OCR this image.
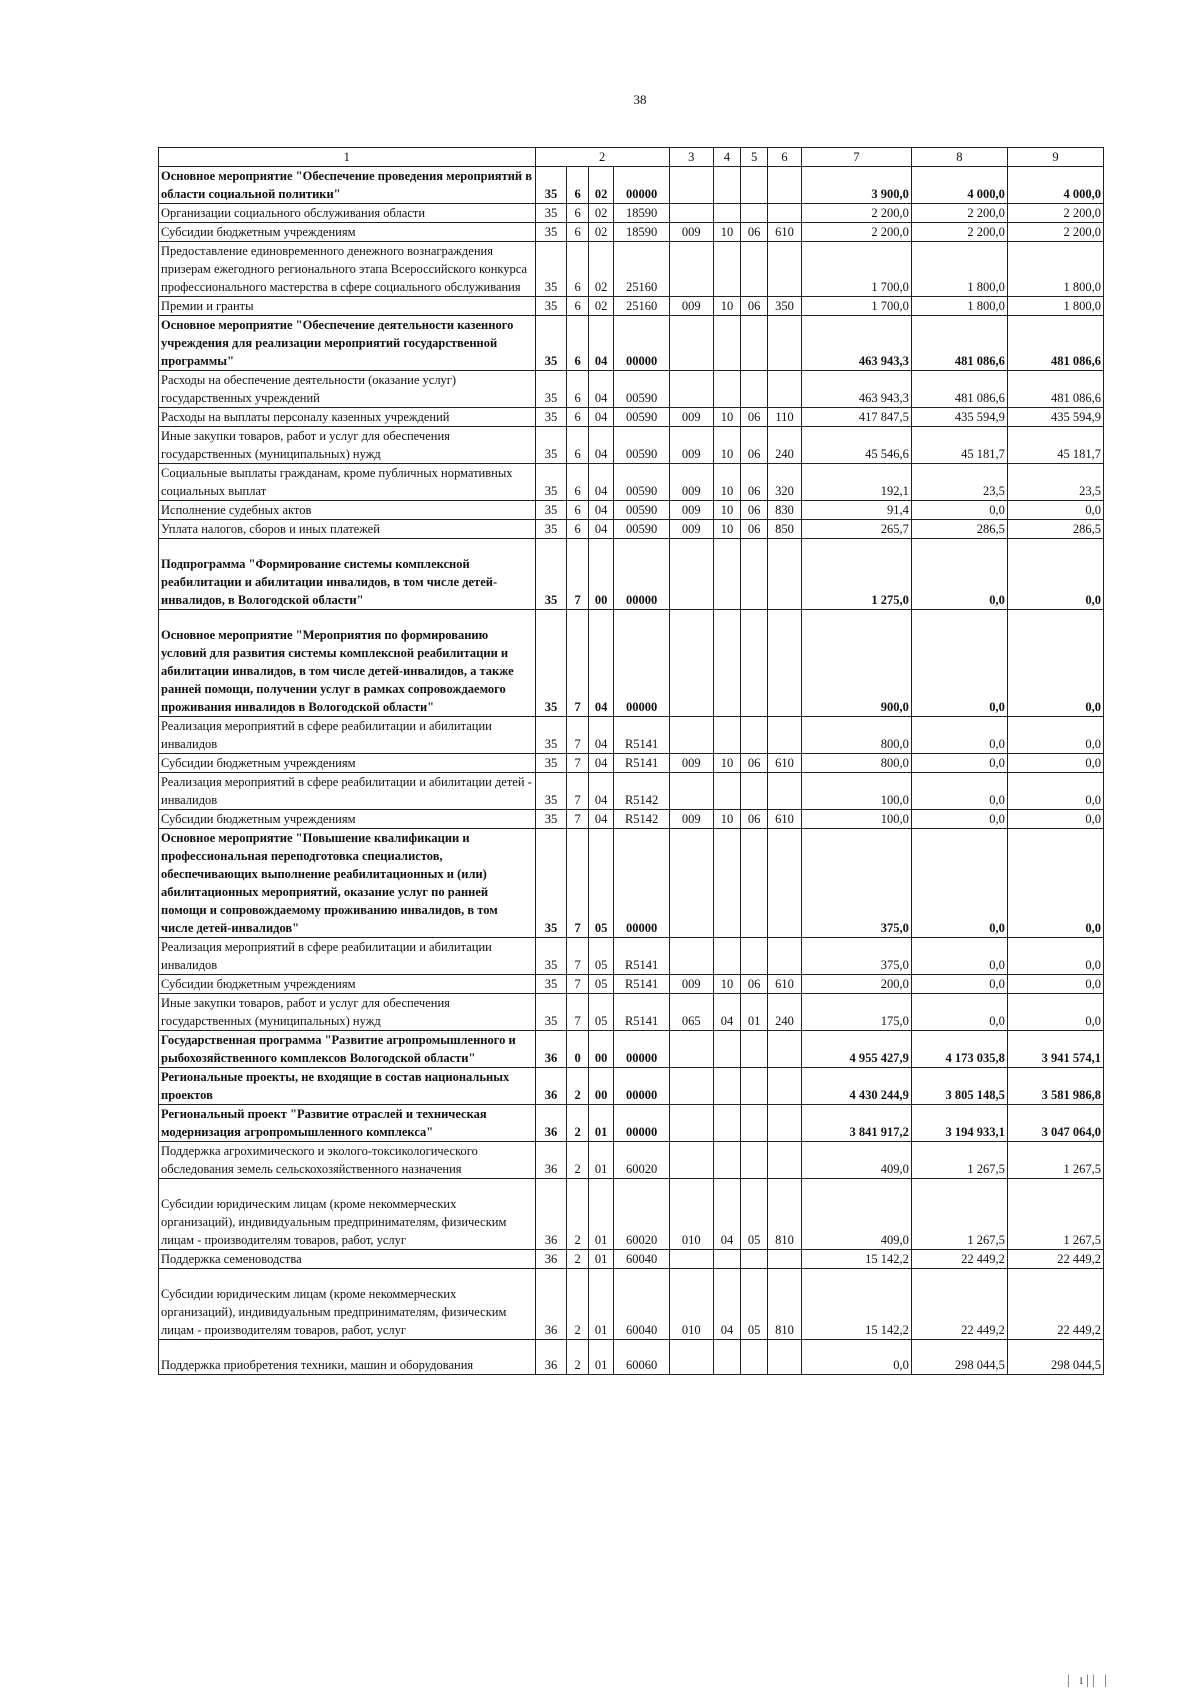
38
1	2				3	4	5	6	7	8	9
Основное мероприятие "Обеспечение проведения мероприятий в области социальной политики"	35	6	02	00000					3 900,0	4 000,0	4 000,0
Организации социального обслуживания области	35	6	02	18590					2 200,0	2 200,0	2 200,0
Субсидии бюджетным учреждениям	35	6	02	18590	009	10	06	610	2 200,0	2 200,0	2 200,0
Предоставление единовременного денежного вознаграждения призерам ежегодного регионального этапа Всероссийского конкурса профессионального мастерства в сфере социального обслуживания	35	6	02	25160					1 700,0	1 800,0	1 800,0
Премии и гранты	35	6	02	25160	009	10	06	350	1 700,0	1 800,0	1 800,0
Основное мероприятие "Обеспечение деятельности казенного учреждения для реализации мероприятий государственной программы"	35	6	04	00000					463 943,3	481 086,6	481 086,6
Расходы на обеспечение деятельности (оказание услуг) государственных учреждений	35	6	04	00590					463 943,3	481 086,6	481 086,6
Расходы на выплаты персоналу казенных учреждений	35	6	04	00590	009	10	06	110	417 847,5	435 594,9	435 594,9
Иные закупки товаров, работ и услуг для обеспечения государственных (муниципальных) нужд	35	6	04	00590	009	10	06	240	45 546,6	45 181,7	45 181,7
Социальные выплаты гражданам, кроме публичных нормативных социальных выплат	35	6	04	00590	009	10	06	320	192,1	23,5	23,5
Исполнение судебных актов	35	6	04	00590	009	10	06	830	91,4	0,0	0,0
Уплата налогов, сборов и иных платежей	35	6	04	00590	009	10	06	850	265,7	286,5	286,5
Подпрограмма "Формирование системы комплексной реабилитации и абилитации инвалидов, в том числе детей-инвалидов, в Вологодской области"	35	7	00	00000					1 275,0	0,0	0,0
Основное мероприятие "Мероприятия по формированию условий для развития системы комплексной реабилитации и абилитации инвалидов, в том числе детей-инвалидов, а также ранней помощи, получении услуг в рамках сопровождаемого проживания инвалидов в Вологодской области"	35	7	04	00000					900,0	0,0	0,0
Реализация мероприятий в сфере реабилитации и абилитации инвалидов	35	7	04	R5141					800,0	0,0	0,0
Субсидии бюджетным учреждениям	35	7	04	R5141	009	10	06	610	800,0	0,0	0,0
Реализация мероприятий в сфере реабилитации и абилитации детей - инвалидов	35	7	04	R5142					100,0	0,0	0,0
Субсидии бюджетным учреждениям	35	7	04	R5142	009	10	06	610	100,0	0,0	0,0
Основное мероприятие "Повышение квалификации и профессиональная переподготовка специалистов, обеспечивающих выполнение реабилитационных и (или) абилитационных мероприятий, оказание услуг по ранней помощи и сопровождаемому проживанию инвалидов, в том числе детей-инвалидов"	35	7	05	00000					375,0	0,0	0,0
Реализация мероприятий в сфере реабилитации и абилитации инвалидов	35	7	05	R5141					375,0	0,0	0,0
Субсидии бюджетным учреждениям	35	7	05	R5141	009	10	06	610	200,0	0,0	0,0
Иные закупки товаров, работ и услуг для обеспечения государственных (муниципальных) нужд	35	7	05	R5141	065	04	01	240	175,0	0,0	0,0
Государственная программа "Развитие агропромышленного и рыбохозяйственного комплексов Вологодской области"	36	0	00	00000					4 955 427,9	4 173 035,8	3 941 574,1
Региональные проекты, не входящие в состав национальных проектов	36	2	00	00000					4 430 244,9	3 805 148,5	3 581 986,8
Региональный проект "Развитие отраслей и техническая модернизация агропромышленного комплекса"	36	2	01	00000					3 841 917,2	3 194 933,1	3 047 064,0
Поддержка агрохимического и эколого-токсикологического обследования земель сельскохозяйственного назначения	36	2	01	60020					409,0	1 267,5	1 267,5
Субсидии юридическим лицам (кроме некоммерческих организаций), индивидуальным предпринимателям, физическим лицам - производителям товаров, работ, услуг	36	2	01	60020	010	04	05	810	409,0	1 267,5	1 267,5
Поддержка семеноводства	36	2	01	60040					15 142,2	22 449,2	22 449,2
Субсидии юридическим лицам (кроме некоммерческих организаций), индивидуальным предпринимателям, физическим лицам - производителям товаров, работ, услуг	36	2	01	60040	010	04	05	810	15 142,2	22 449,2	22 449,2
Поддержка приобретения техники, машин и оборудования	36	2	01	60060					0,0	298 044,5	298 044,5
| ı|| |
